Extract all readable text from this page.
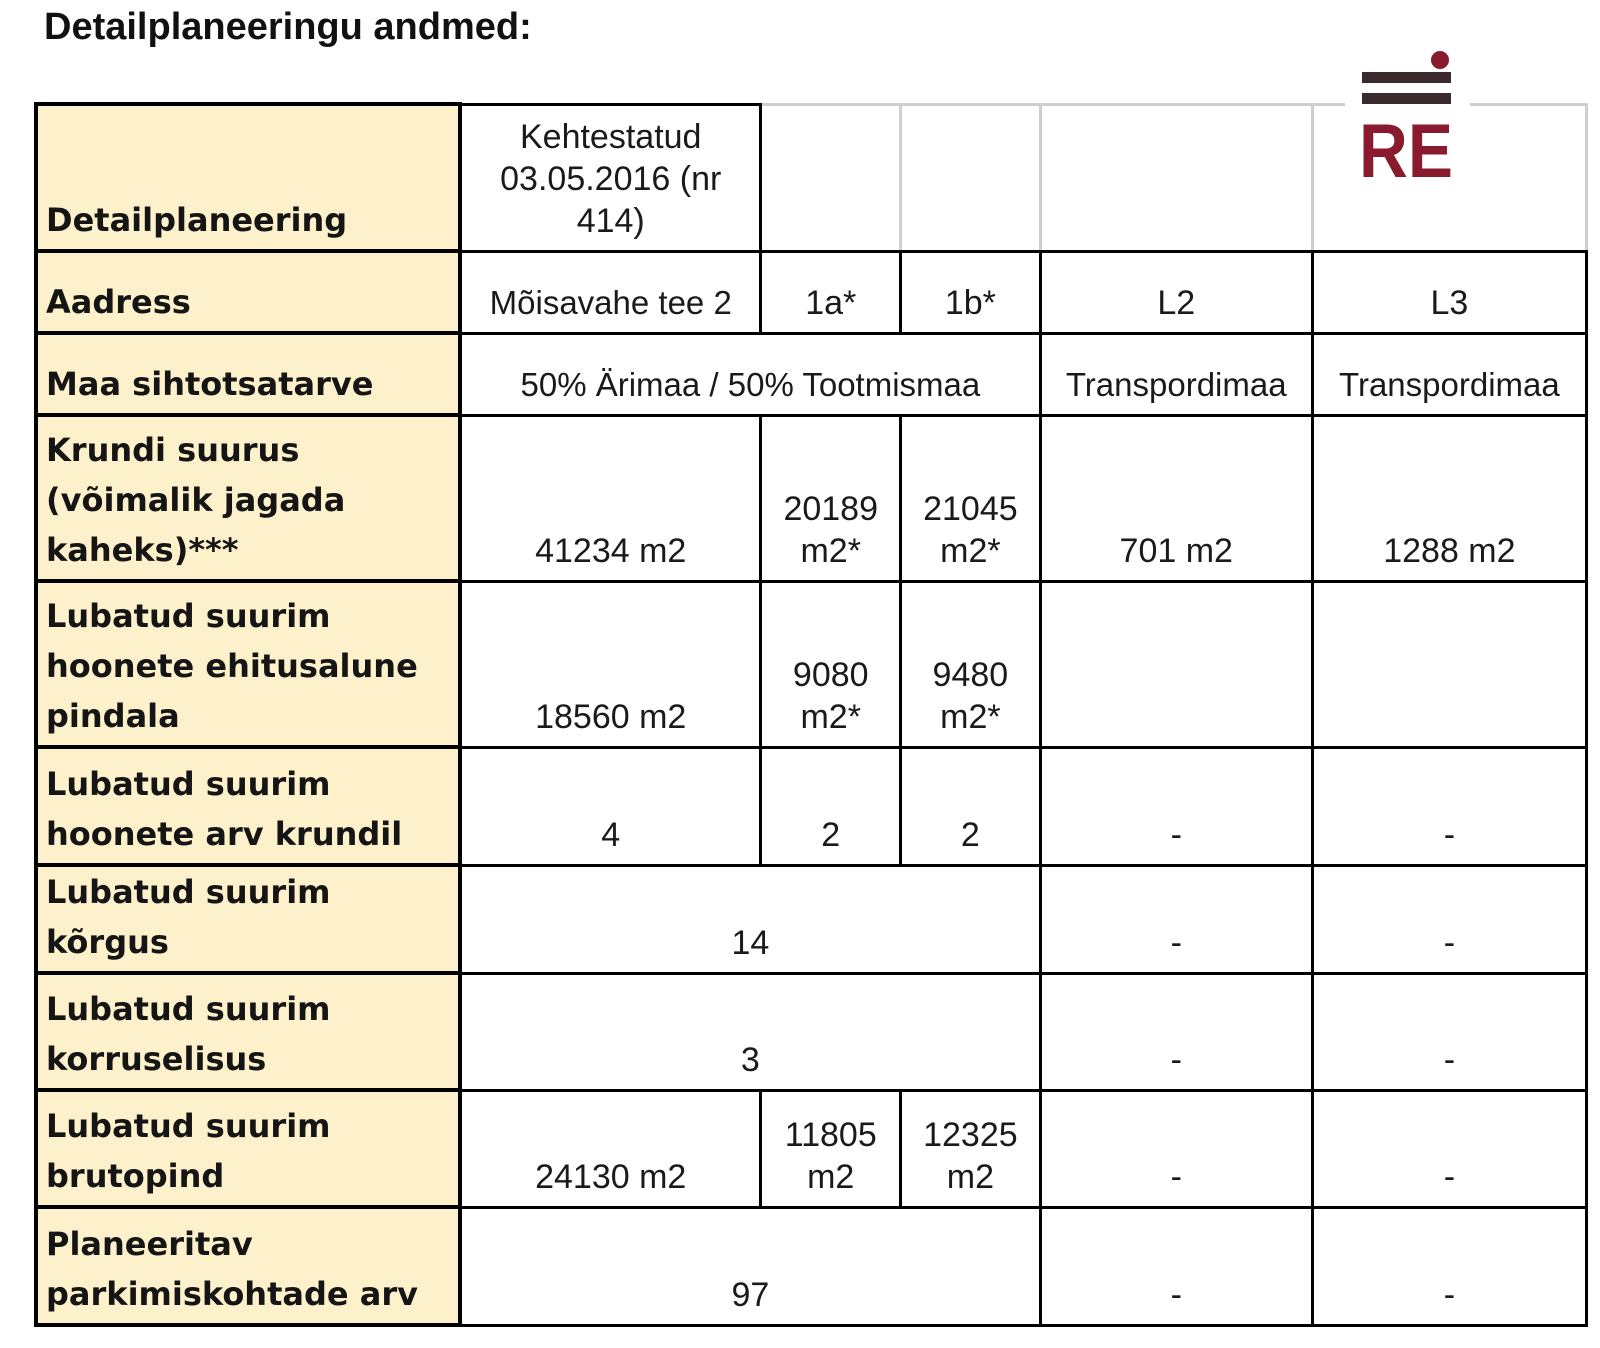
Detailplaneeringu andmed:
RE
Detailplaneering	Kehtestatud 03.05.2016 (nr 414)				
Aadress	Mõisavahe tee 2	1a*	1b*	L2	L3
Maa sihtotsatarve	50% Ärimaa / 50% Tootmismaa			Transpordimaa	Transpordimaa
Krundi suurus (võimalik jagada kaheks)***	41234 m2	20189 m2*	21045 m2*	701 m2	1288 m2
Lubatud suurim hoonete ehitusalune pindala	18560 m2	9080 m2*	9480 m2*		
Lubatud suurim hoonete arv krundil	4	2	2	-	-
Lubatud suurim kõrgus	14			-	-
Lubatud suurim korruselisus	3			-	-
Lubatud suurim brutopind	24130 m2	11805 m2	12325 m2	-	-
Planeeritav parkimiskohtade arv	97			-	-
